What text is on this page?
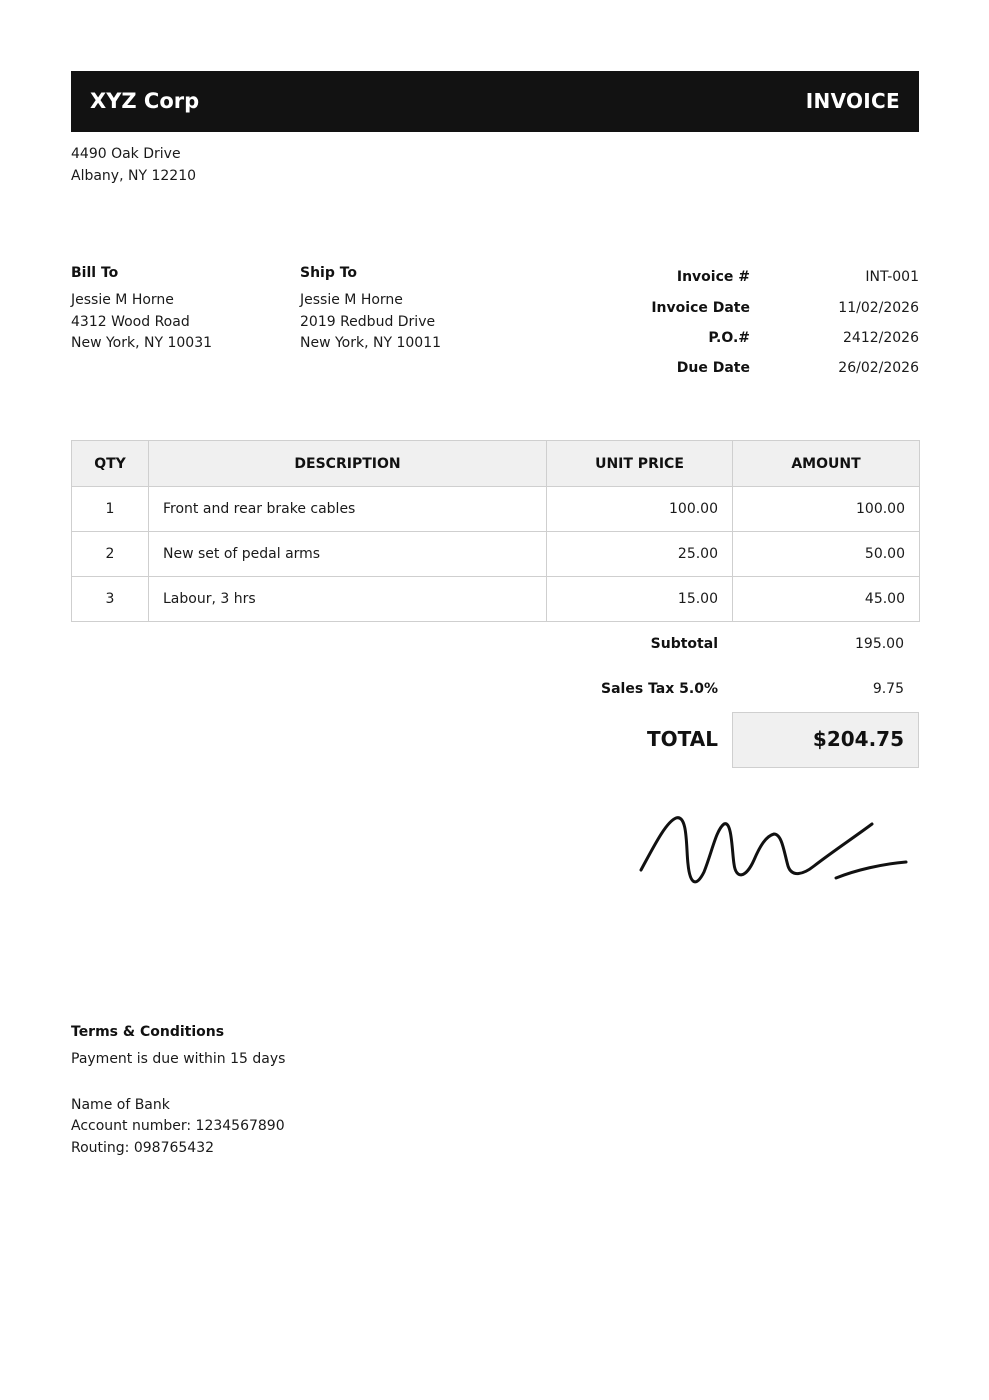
XYZ Corp	INVOICE
4490 Oak Drive
Albany, NY 12210
Bill To
Jessie M Horne
4312 Wood Road
New York, NY 10031
Ship To
Jessie M Horne
2019 Redbud Drive
New York, NY 10011
Invoice #	INT-001
Invoice Date	11/02/2026
P.O.#	2412/2026
Due Date	26/02/2026
QTY	DESCRIPTION	UNIT PRICE	AMOUNT
1	Front and rear brake cables	100.00	100.00
2	New set of pedal arms	25.00	50.00
3	Labour, 3 hrs	15.00	45.00
Subtotal	195.00
Sales Tax 5.0%	9.75
TOTAL	$204.75
Terms & Conditions
Payment is due within 15 days
Name of Bank
Account number: 1234567890
Routing: 098765432
